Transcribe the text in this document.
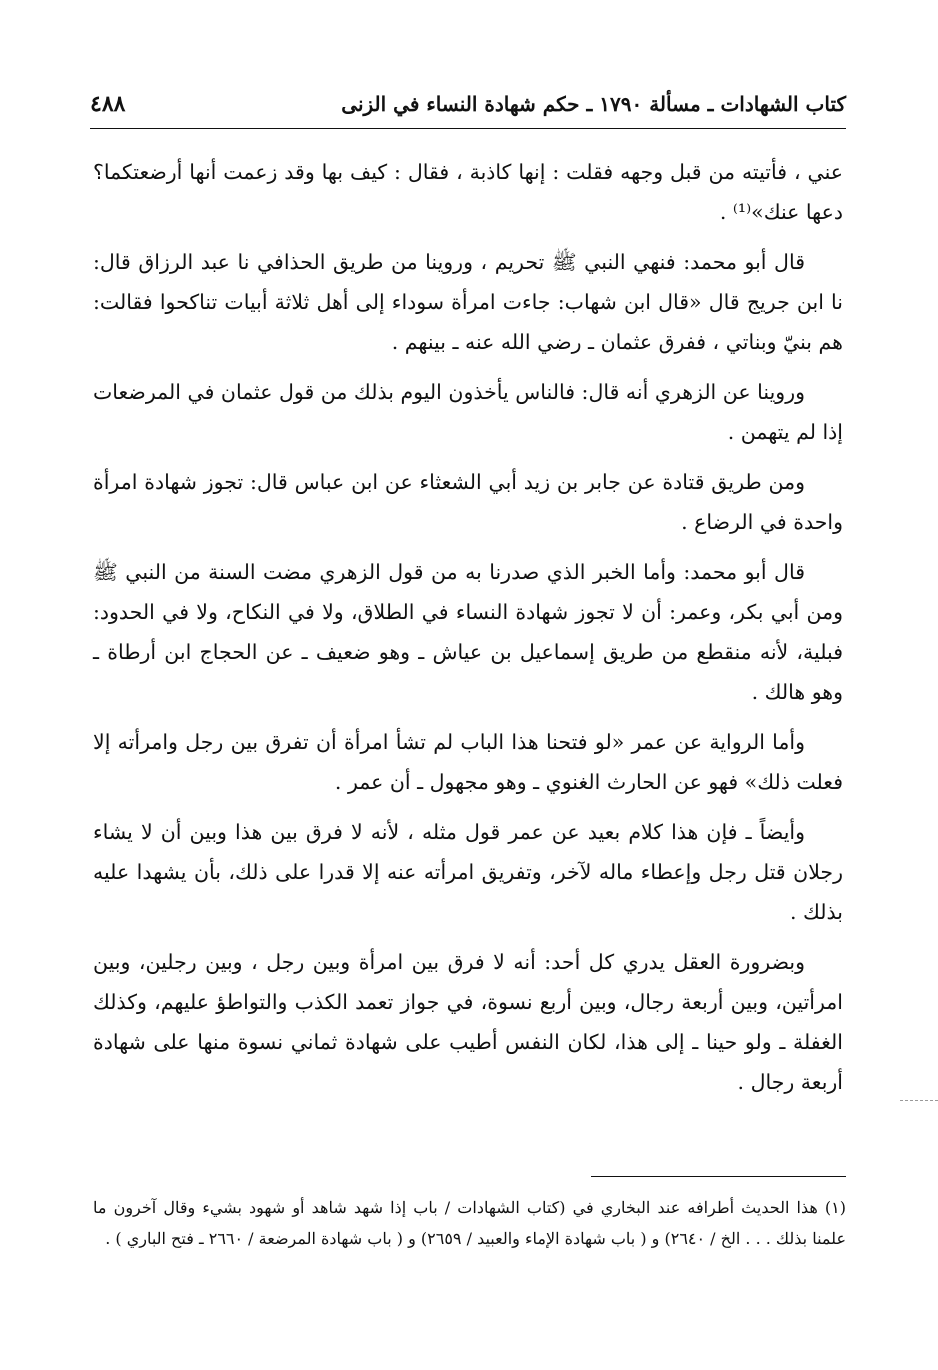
كتاب الشهادات ـ مسألة ١٧٩٠ ـ حكم شهادة النساء في الزنى
٤٨٨

عني ، فأتيته من قبل وجهه فقلت : إنها كاذبة ، فقال : كيف بها وقد زعمت أنها أرضعتكما؟ دعها عنك»⁽¹⁾ .

قال أبو محمد: فنهي النبي ﷺ تحريم ، وروينا من طريق الحذافي نا عبد الرزاق قال: نا ابن جريج قال «قال ابن شهاب: جاءت امرأة سوداء إلى أهل ثلاثة أبيات تناكحوا فقالت: هم بنيّ وبناتي ، ففرق عثمان ـ رضي الله عنه ـ بينهم .

وروينا عن الزهري أنه قال: فالناس يأخذون اليوم بذلك من قول عثمان في المرضعات إذا لم يتهمن .

ومن طريق قتادة عن جابر بن زيد أبي الشعثاء عن ابن عباس قال: تجوز شهادة امرأة واحدة في الرضاع .

قال أبو محمد: وأما الخبر الذي صدرنا به من قول الزهري مضت السنة من النبي ﷺ ومن أبي بكر، وعمر: أن لا تجوز شهادة النساء في الطلاق، ولا في النكاح، ولا في الحدود: فبلية، لأنه منقطع من طريق إسماعيل بن عياش ـ وهو ضعيف ـ عن الحجاج ابن أرطاة ـ وهو هالك .

وأما الرواية عن عمر «لو فتحنا هذا الباب لم تشأ امرأة أن تفرق بين رجل وامرأته إلا فعلت ذلك» فهو عن الحارث الغنوي ـ وهو مجهول ـ أن عمر .

وأيضاً ـ فإن هذا كلام بعيد عن عمر قول مثله ، لأنه لا فرق بين هذا وبين أن لا يشاء رجلان قتل رجل وإعطاء ماله لآخر، وتفريق امرأته عنه إلا قدرا على ذلك، بأن يشهدا عليه بذلك .

وبضرورة العقل يدري كل أحد: أنه لا فرق بين امرأة وبين رجل ، وبين رجلين، وبين امرأتين، وبين أربعة رجال، وبين أربع نسوة، في جواز تعمد الكذب والتواطؤ عليهم، وكذلك الغفلة ـ ولو حينا ـ إلى هذا، لكان النفس أطيب على شهادة ثماني نسوة منها على شهادة أربعة رجال .

(١) هذا الحديث أطرافه عند البخاري في (كتاب الشهادات / باب إذا شهد شاهد أو شهود بشيء وقال آخرون ما علمنا بذلك . . . الخ / ٢٦٤٠) و ( باب شهادة الإماء والعبيد / ٢٦٥٩) و ( باب شهادة المرضعة / ٢٦٦٠ ـ فتح الباري ) .
